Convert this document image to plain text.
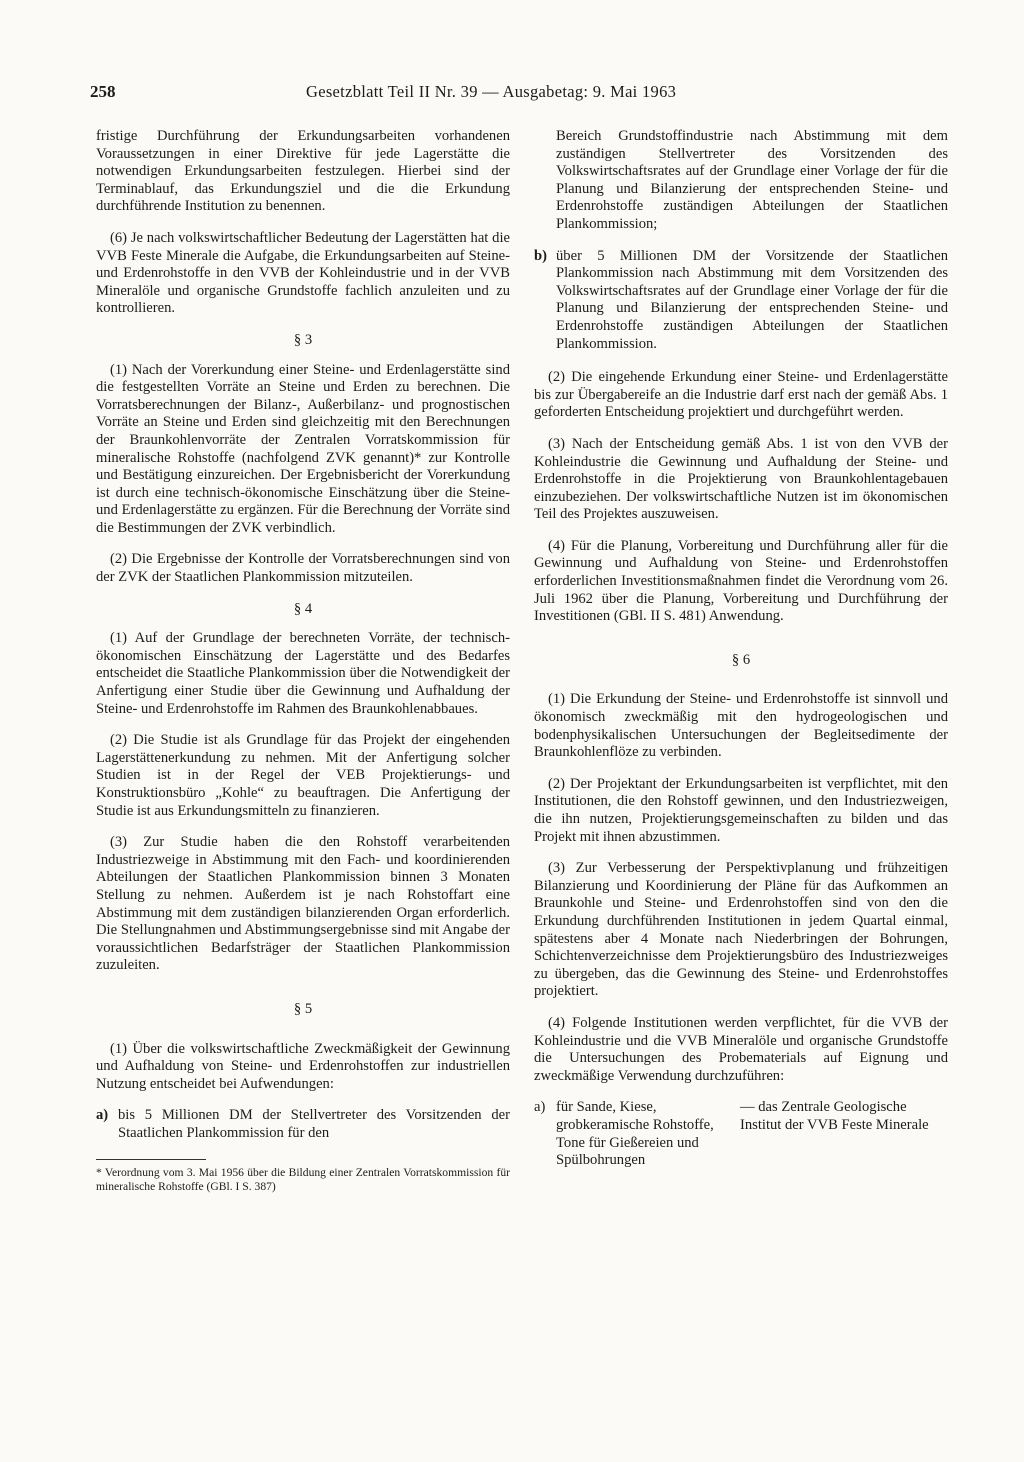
258	Gesetzblatt Teil II Nr. 39 — Ausgabetag: 9. Mai 1963

fristige Durchführung der Erkundungsarbeiten vorhandenen Voraussetzungen in einer Direktive für jede Lagerstätte die notwendigen Erkundungsarbeiten festzulegen. Hierbei sind der Terminablauf, das Erkundungsziel und die die Erkundung durchführende Institution zu benennen.

(6) Je nach volkswirtschaftlicher Bedeutung der Lagerstätten hat die VVB Feste Minerale die Aufgabe, die Erkundungsarbeiten auf Steine- und Erdenrohstoffe in den VVB der Kohleindustrie und in der VVB Mineralöle und organische Grundstoffe fachlich anzuleiten und zu kontrollieren.

§ 3

(1) Nach der Vorerkundung einer Steine- und Erdenlagerstätte sind die festgestellten Vorräte an Steine und Erden zu berechnen. Die Vorratsberechnungen der Bilanz-, Außerbilanz- und prognostischen Vorräte an Steine und Erden sind gleichzeitig mit den Berechnungen der Braunkohlenvorräte der Zentralen Vorratskommission für mineralische Rohstoffe (nachfolgend ZVK genannt)* zur Kontrolle und Bestätigung einzureichen. Der Ergebnisbericht der Vorerkundung ist durch eine technisch-ökonomische Einschätzung über die Steine- und Erdenlagerstätte zu ergänzen. Für die Berechnung der Vorräte sind die Bestimmungen der ZVK verbindlich.

(2) Die Ergebnisse der Kontrolle der Vorratsberechnungen sind von der ZVK der Staatlichen Plankommission mitzuteilen.

§ 4

(1) Auf der Grundlage der berechneten Vorräte, der technisch-ökonomischen Einschätzung der Lagerstätte und des Bedarfes entscheidet die Staatliche Plankommission über die Notwendigkeit der Anfertigung einer Studie über die Gewinnung und Aufhaldung der Steine- und Erdenrohstoffe im Rahmen des Braunkohlenabbaues.

(2) Die Studie ist als Grundlage für das Projekt der eingehenden Lagerstättenerkundung zu nehmen. Mit der Anfertigung solcher Studien ist in der Regel der VEB Projektierungs- und Konstruktionsbüro „Kohle“ zu beauftragen. Die Anfertigung der Studie ist aus Erkundungsmitteln zu finanzieren.

(3) Zur Studie haben die den Rohstoff verarbeitenden Industriezweige in Abstimmung mit den Fach- und koordinierenden Abteilungen der Staatlichen Plankommission binnen 3 Monaten Stellung zu nehmen. Außerdem ist je nach Rohstoffart eine Abstimmung mit dem zuständigen bilanzierenden Organ erforderlich. Die Stellungnahmen und Abstimmungsergebnisse sind mit Angabe der voraussichtlichen Bedarfsträger der Staatlichen Plankommission zuzuleiten.

§ 5

(1) Über die volkswirtschaftliche Zweckmäßigkeit der Gewinnung und Aufhaldung von Steine- und Erdenrohstoffen zur industriellen Nutzung entscheidet bei Aufwendungen:

a) bis 5 Millionen DM der Stellvertreter des Vorsitzenden der Staatlichen Plankommission für den
* Verordnung vom 3. Mai 1956 über die Bildung einer Zentralen Vorratskommission für mineralische Rohstoffe (GBl. I S. 387)

Bereich Grundstoffindustrie nach Abstimmung mit dem zuständigen Stellvertreter des Vorsitzenden des Volkswirtschaftsrates auf der Grundlage einer Vorlage der für die Planung und Bilanzierung der entsprechenden Steine- und Erdenrohstoffe zuständigen Abteilungen der Staatlichen Plankommission;

b) über 5 Millionen DM der Vorsitzende der Staatlichen Plankommission nach Abstimmung mit dem Vorsitzenden des Volkswirtschaftsrates auf der Grundlage einer Vorlage der für die Planung und Bilanzierung der entsprechenden Steine- und Erdenrohstoffe zuständigen Abteilungen der Staatlichen Plankommission.

(2) Die eingehende Erkundung einer Steine- und Erdenlagerstätte bis zur Übergabereife an die Industrie darf erst nach der gemäß Abs. 1 geforderten Entscheidung projektiert und durchgeführt werden.

(3) Nach der Entscheidung gemäß Abs. 1 ist von den VVB der Kohleindustrie die Gewinnung und Aufhaldung der Steine- und Erdenrohstoffe in die Projektierung von Braunkohlentagebauen einzubeziehen. Der volkswirtschaftliche Nutzen ist im ökonomischen Teil des Projektes auszuweisen.

(4) Für die Planung, Vorbereitung und Durchführung aller für die Gewinnung und Aufhaldung von Steine- und Erdenrohstoffen erforderlichen Investitionsmaßnahmen findet die Verordnung vom 26. Juli 1962 über die Planung, Vorbereitung und Durchführung der Investitionen (GBl. II S. 481) Anwendung.

§ 6

(1) Die Erkundung der Steine- und Erdenrohstoffe ist sinnvoll und ökonomisch zweckmäßig mit den hydrogeologischen und bodenphysikalischen Untersuchungen der Begleitsedimente der Braunkohlenflöze zu verbinden.

(2) Der Projektant der Erkundungsarbeiten ist verpflichtet, mit den Institutionen, die den Rohstoff gewinnen, und den Industriezweigen, die ihn nutzen, Projektierungsgemeinschaften zu bilden und das Projekt mit ihnen abzustimmen.

(3) Zur Verbesserung der Perspektivplanung und frühzeitigen Bilanzierung und Koordinierung der Pläne für das Aufkommen an Braunkohle und Steine- und Erdenrohstoffen sind von den die Erkundung durchführenden Institutionen in jedem Quartal einmal, spätestens aber 4 Monate nach Niederbringen der Bohrungen, Schichtenverzeichnisse dem Projektierungsbüro des Industriezweiges zu übergeben, das die Gewinnung des Steine- und Erdenrohstoffes projektiert.

(4) Folgende Institutionen werden verpflichtet, für die VVB der Kohleindustrie und die VVB Mineralöle und organische Grundstoffe die Untersuchungen des Probematerials auf Eignung und zweckmäßige Verwendung durchzuführen:

a) für Sande, Kiese, grobkeramische Rohstoffe, Tone für Gießereien und Spülbohrungen
— das Zentrale Geologische Institut der VVB Feste Minerale
